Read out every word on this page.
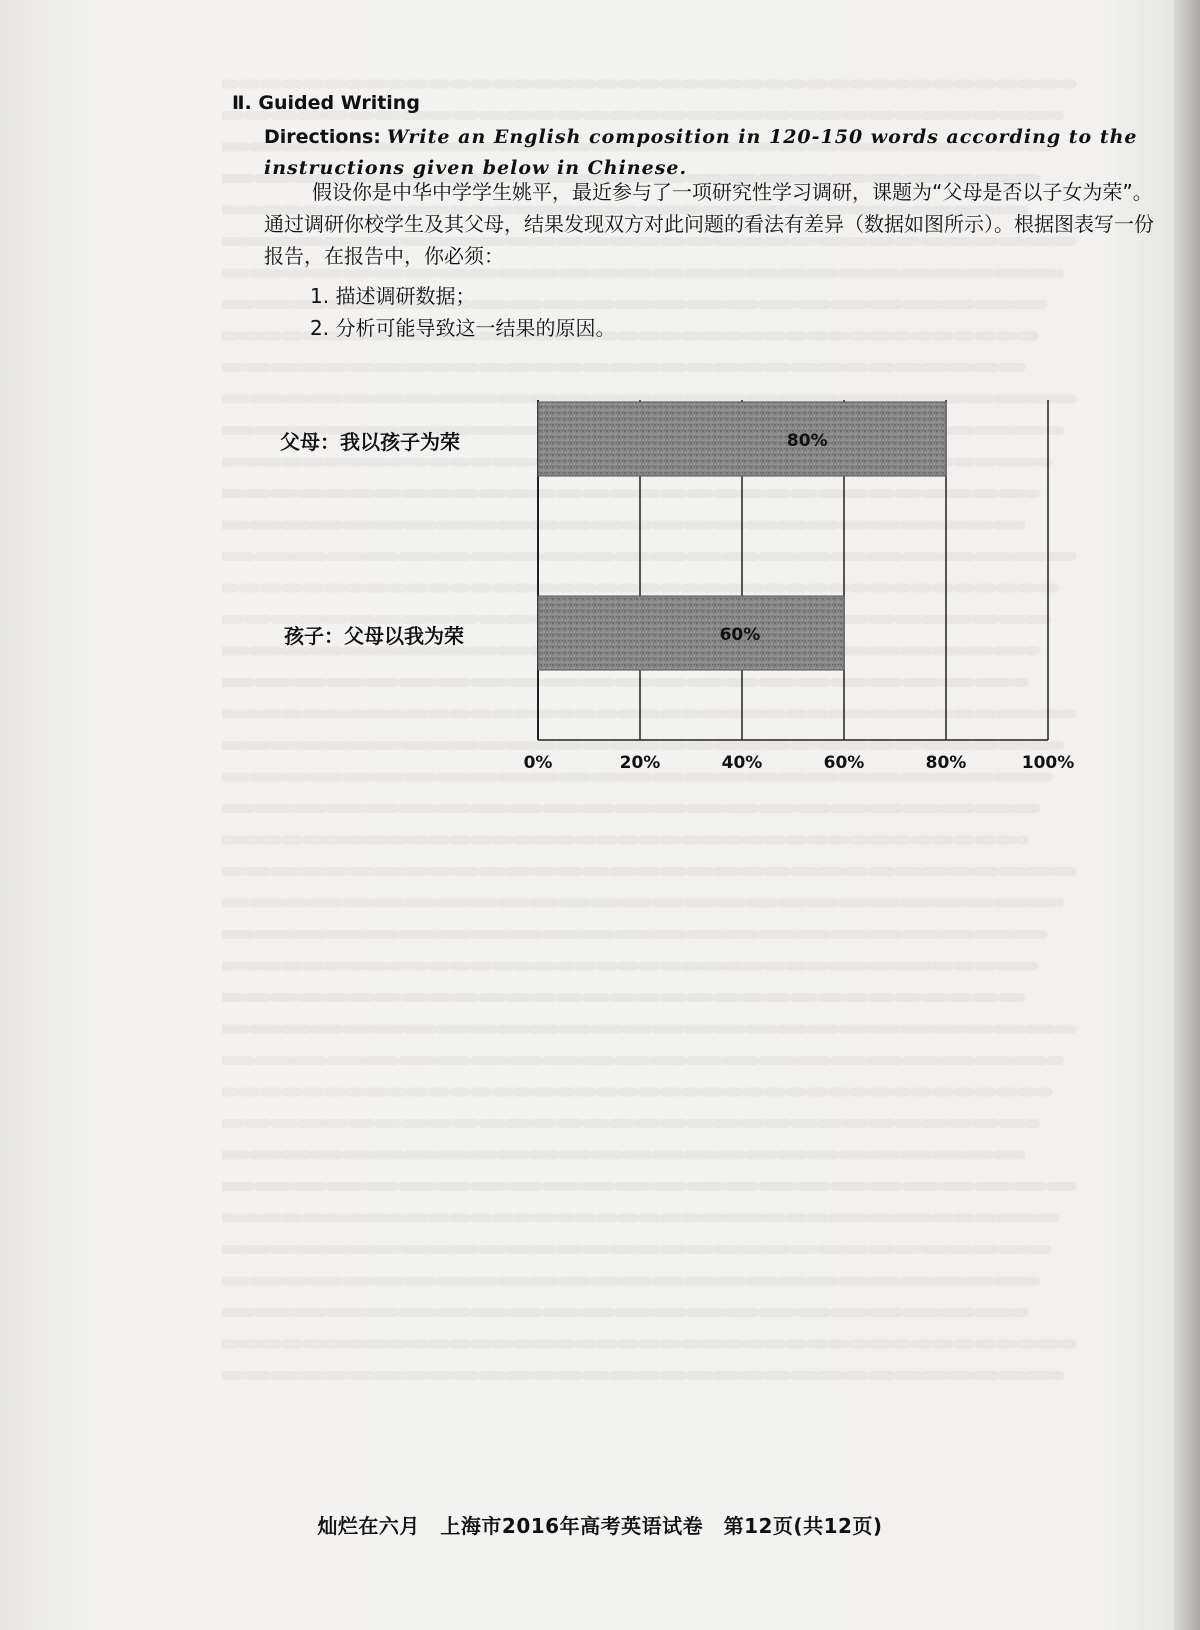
Ⅱ. Guided Writing
Directions: Write an English composition in 120-150 words according to the instructions given below in Chinese.
假设你是中华中学学生姚平，最近参与了一项研究性学习调研，课题为“父母是否以子女为荣”。通过调研你校学生及其父母，结果发现双方对此问题的看法有差异（数据如图所示）。根据图表写一份报告，在报告中，你必须：
1. 描述调研数据；
2. 分析可能导致这一结果的原因。
父母：我以孩子为荣
孩子：父母以我为荣
80%
60%
0%	20%	40%	60%	80%	100%
灿烂在六月　上海市2016年高考英语试卷　第12页(共12页)
